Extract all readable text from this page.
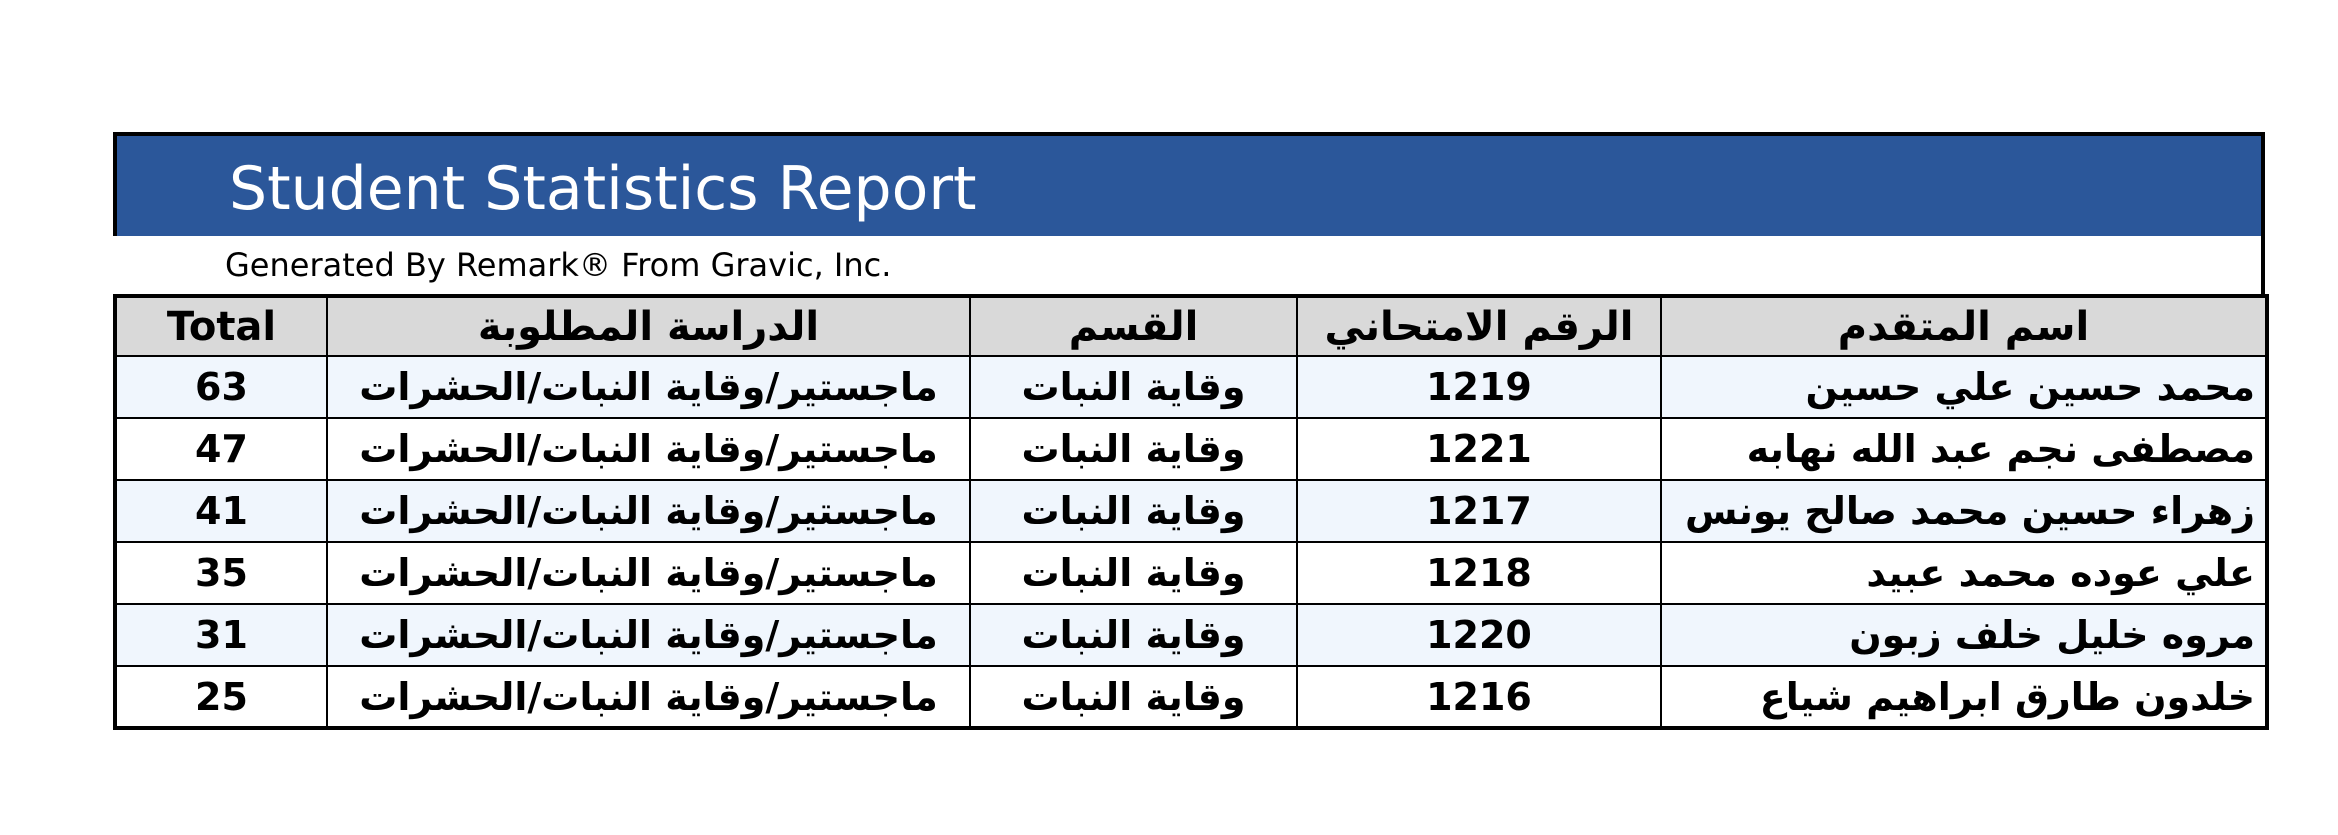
Student Statistics Report
Generated By Remark® From Gravic, Inc.
Total	الدراسة المطلوبة	القسم	الرقم الامتحاني	اسم المتقدم
63	ماجستير/وقاية النبات/الحشرات	وقاية النبات	1219	محمد حسين علي حسين
47	ماجستير/وقاية النبات/الحشرات	وقاية النبات	1221	مصطفى نجم عبد الله نهابه
41	ماجستير/وقاية النبات/الحشرات	وقاية النبات	1217	زهراء حسين محمد صالح يونس
35	ماجستير/وقاية النبات/الحشرات	وقاية النبات	1218	علي عوده محمد عبيد
31	ماجستير/وقاية النبات/الحشرات	وقاية النبات	1220	مروه خليل خلف زبون
25	ماجستير/وقاية النبات/الحشرات	وقاية النبات	1216	خلدون طارق ابراهيم شياع
